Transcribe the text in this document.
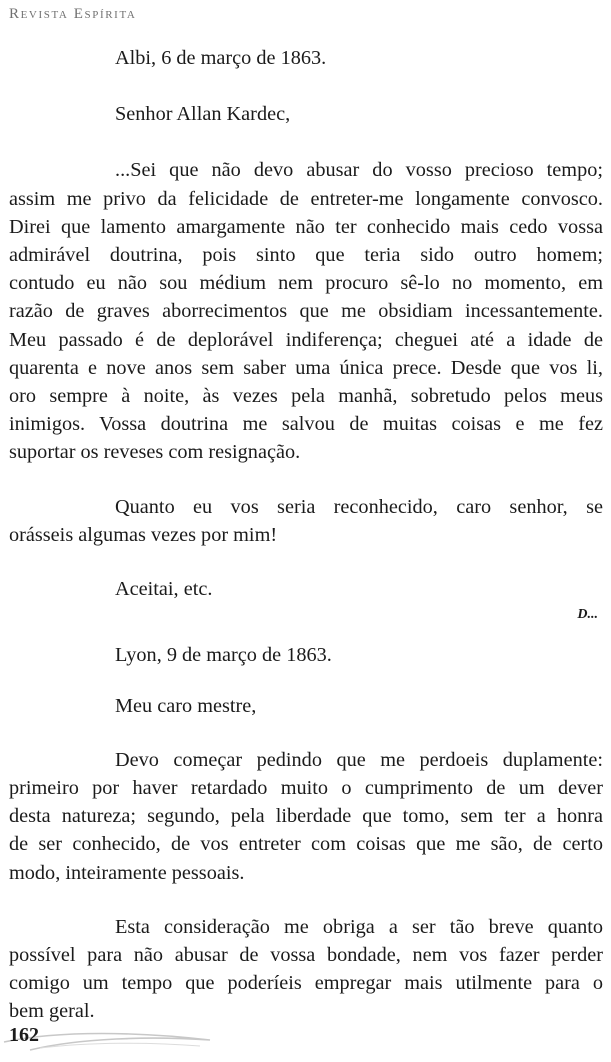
Revista Espírita
Albi, 6 de março de 1863.
Senhor Allan Kardec,
...Sei que não devo abusar do vosso precioso tempo;
assim me privo da felicidade de entreter-me longamente convosco.
Direi que lamento amargamente não ter conhecido mais cedo vossa
admirável doutrina, pois sinto que teria sido outro homem;
contudo eu não sou médium nem procuro sê-lo no momento, em
razão de graves aborrecimentos que me obsidiam incessantemente.
Meu passado é de deplorável indiferença; cheguei até a idade de
quarenta e nove anos sem saber uma única prece. Desde que vos li,
oro sempre à noite, às vezes pela manhã, sobretudo pelos meus
inimigos. Vossa doutrina me salvou de muitas coisas e me fez
suportar os reveses com resignação.
Quanto eu vos seria reconhecido, caro senhor, se
orásseis algumas vezes por mim!
Aceitai, etc.
D...
Lyon, 9 de março de 1863.
Meu caro mestre,
Devo começar pedindo que me perdoeis duplamente:
primeiro por haver retardado muito o cumprimento de um dever
desta natureza; segundo, pela liberdade que tomo, sem ter a honra
de ser conhecido, de vos entreter com coisas que me são, de certo
modo, inteiramente pessoais.
Esta consideração me obriga a ser tão breve quanto
possível para não abusar de vossa bondade, nem vos fazer perder
comigo um tempo que poderíeis empregar mais utilmente para o
bem geral.
162
